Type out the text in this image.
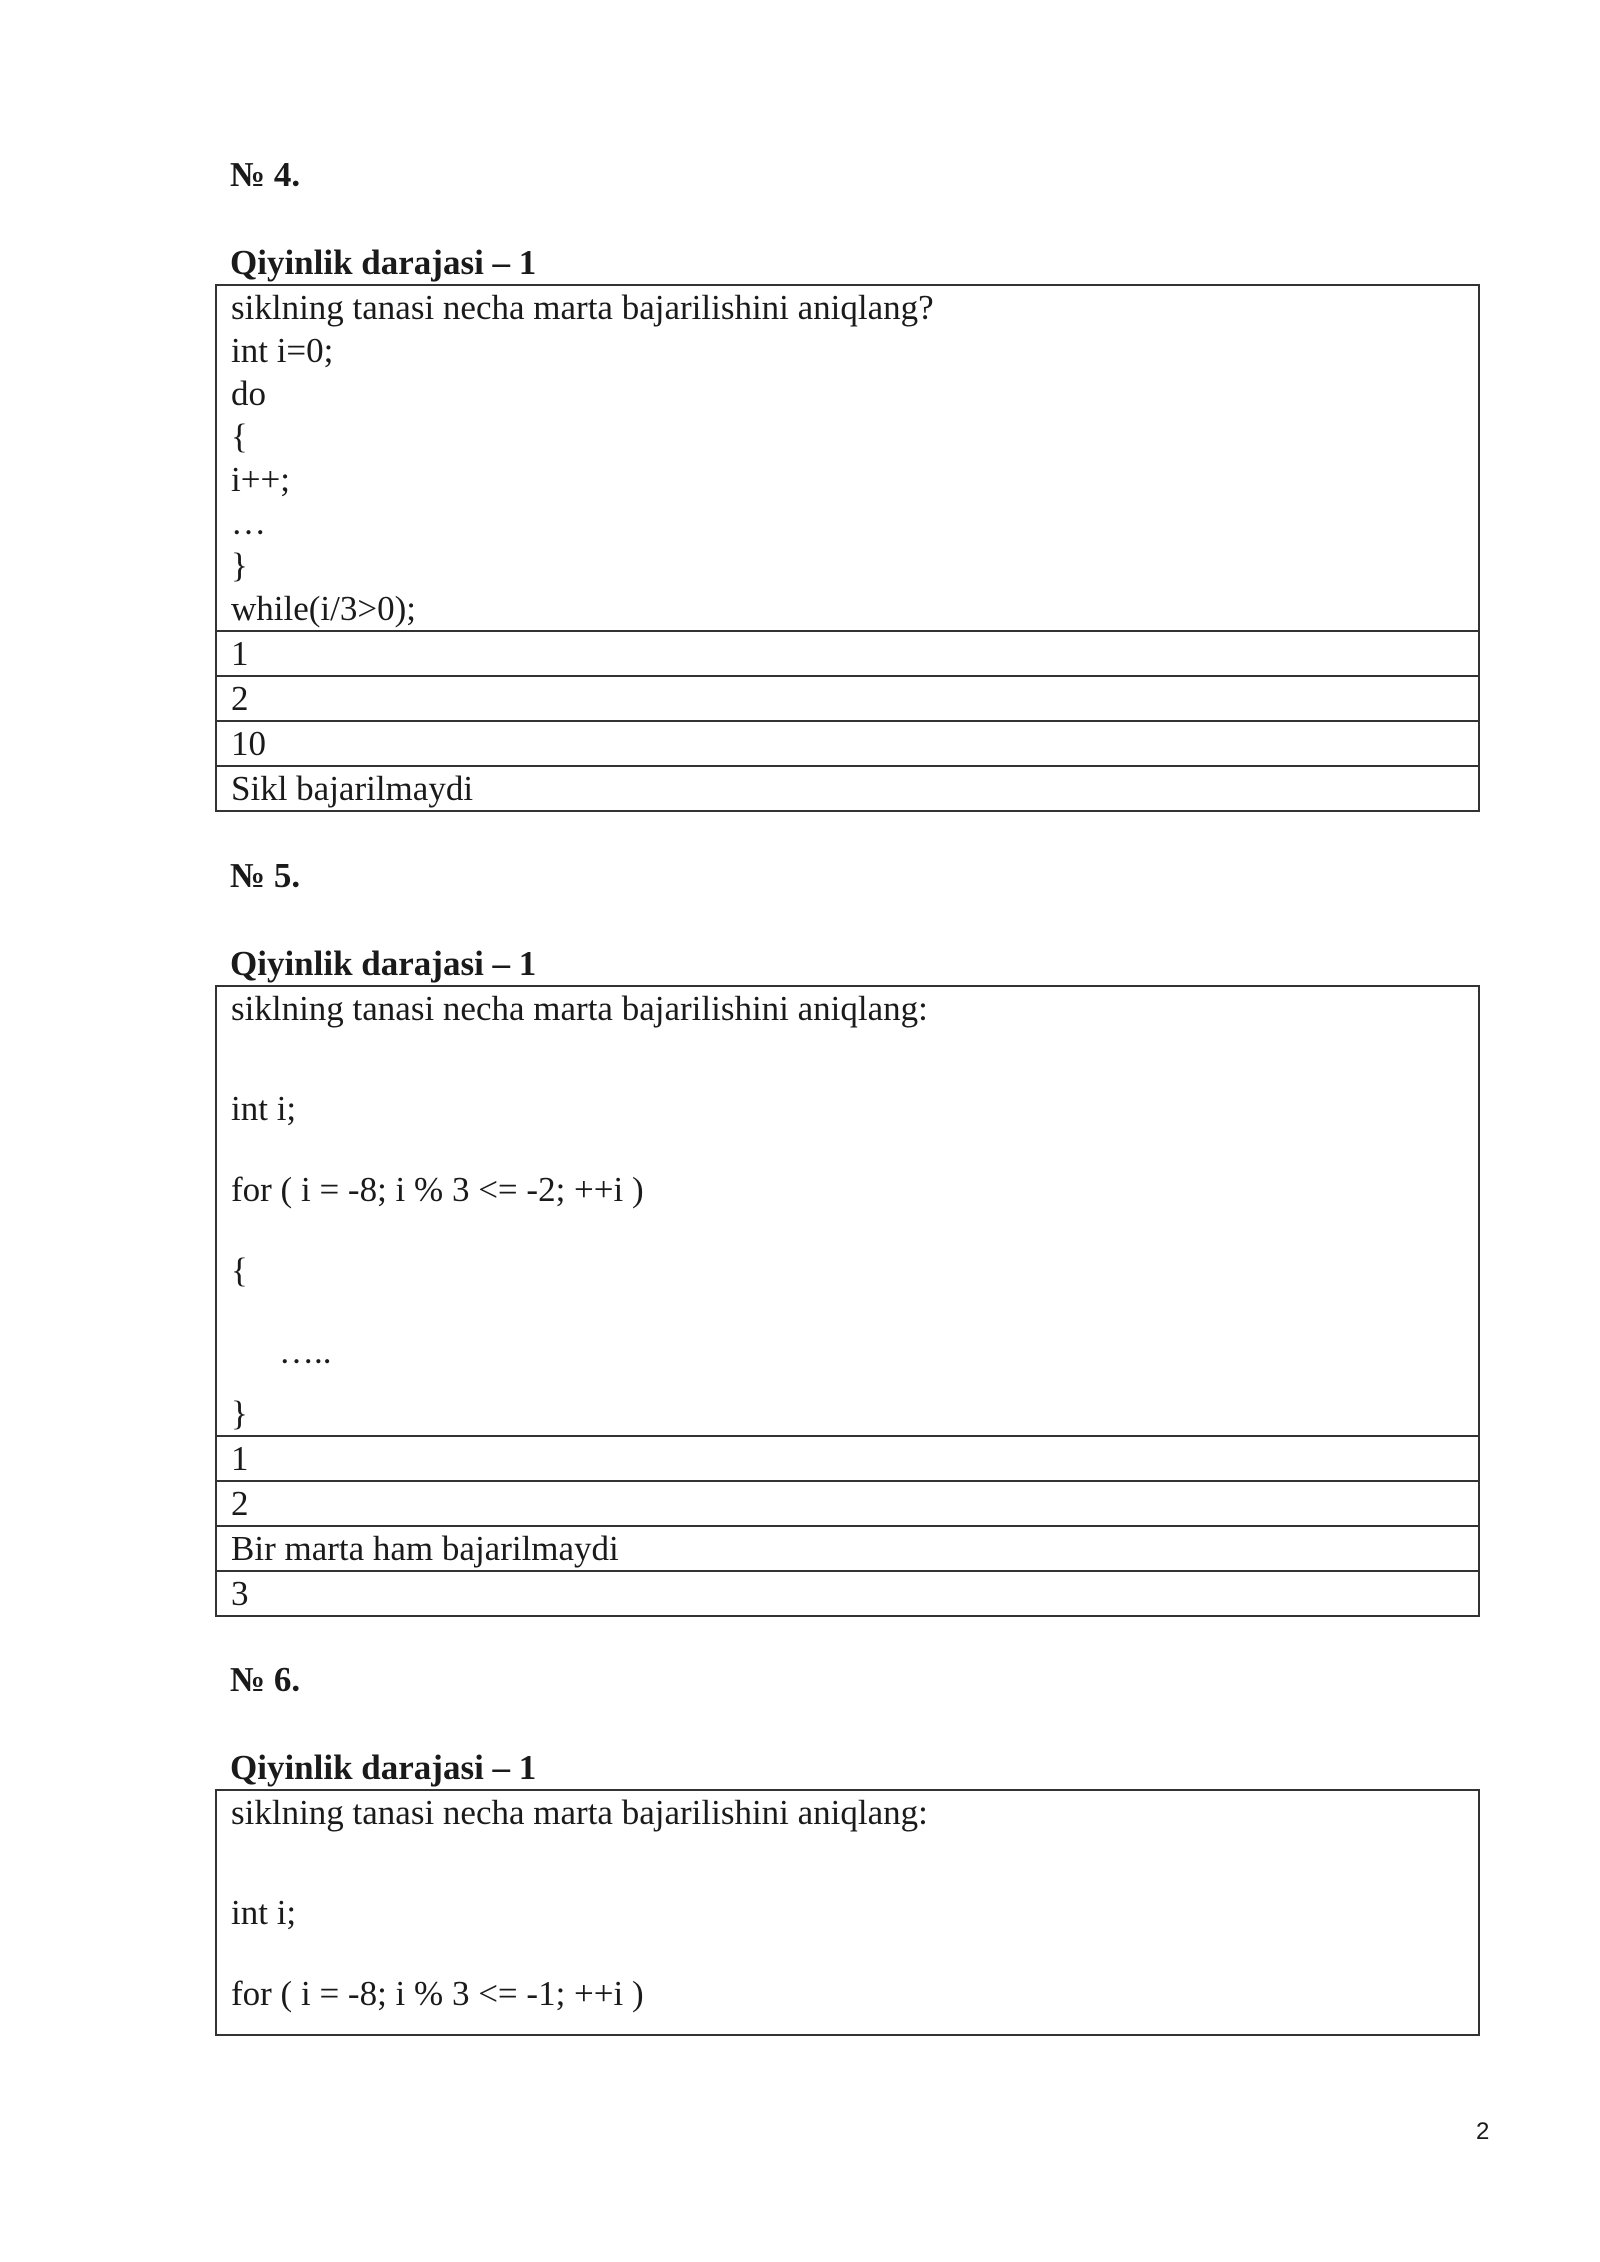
№ 4.

Qiyinlik darajasi – 1

siklning tanasi necha marta bajarilishini aniqlang?
int i=0;
do
{
i++;
…
}
while(i/3>0);

1
2
10
Sikl bajarilmaydi

№ 5.

Qiyinlik darajasi – 1

siklning tanasi necha marta bajarilishini aniqlang:
int i;
for ( i = -8; i % 3 <= -2; ++i )
{
…..
}

1
2
Bir marta ham bajarilmaydi
3

№ 6.

Qiyinlik darajasi – 1

siklning tanasi necha marta bajarilishini aniqlang:
int i;
for ( i = -8; i % 3 <= -1; ++i )
2
